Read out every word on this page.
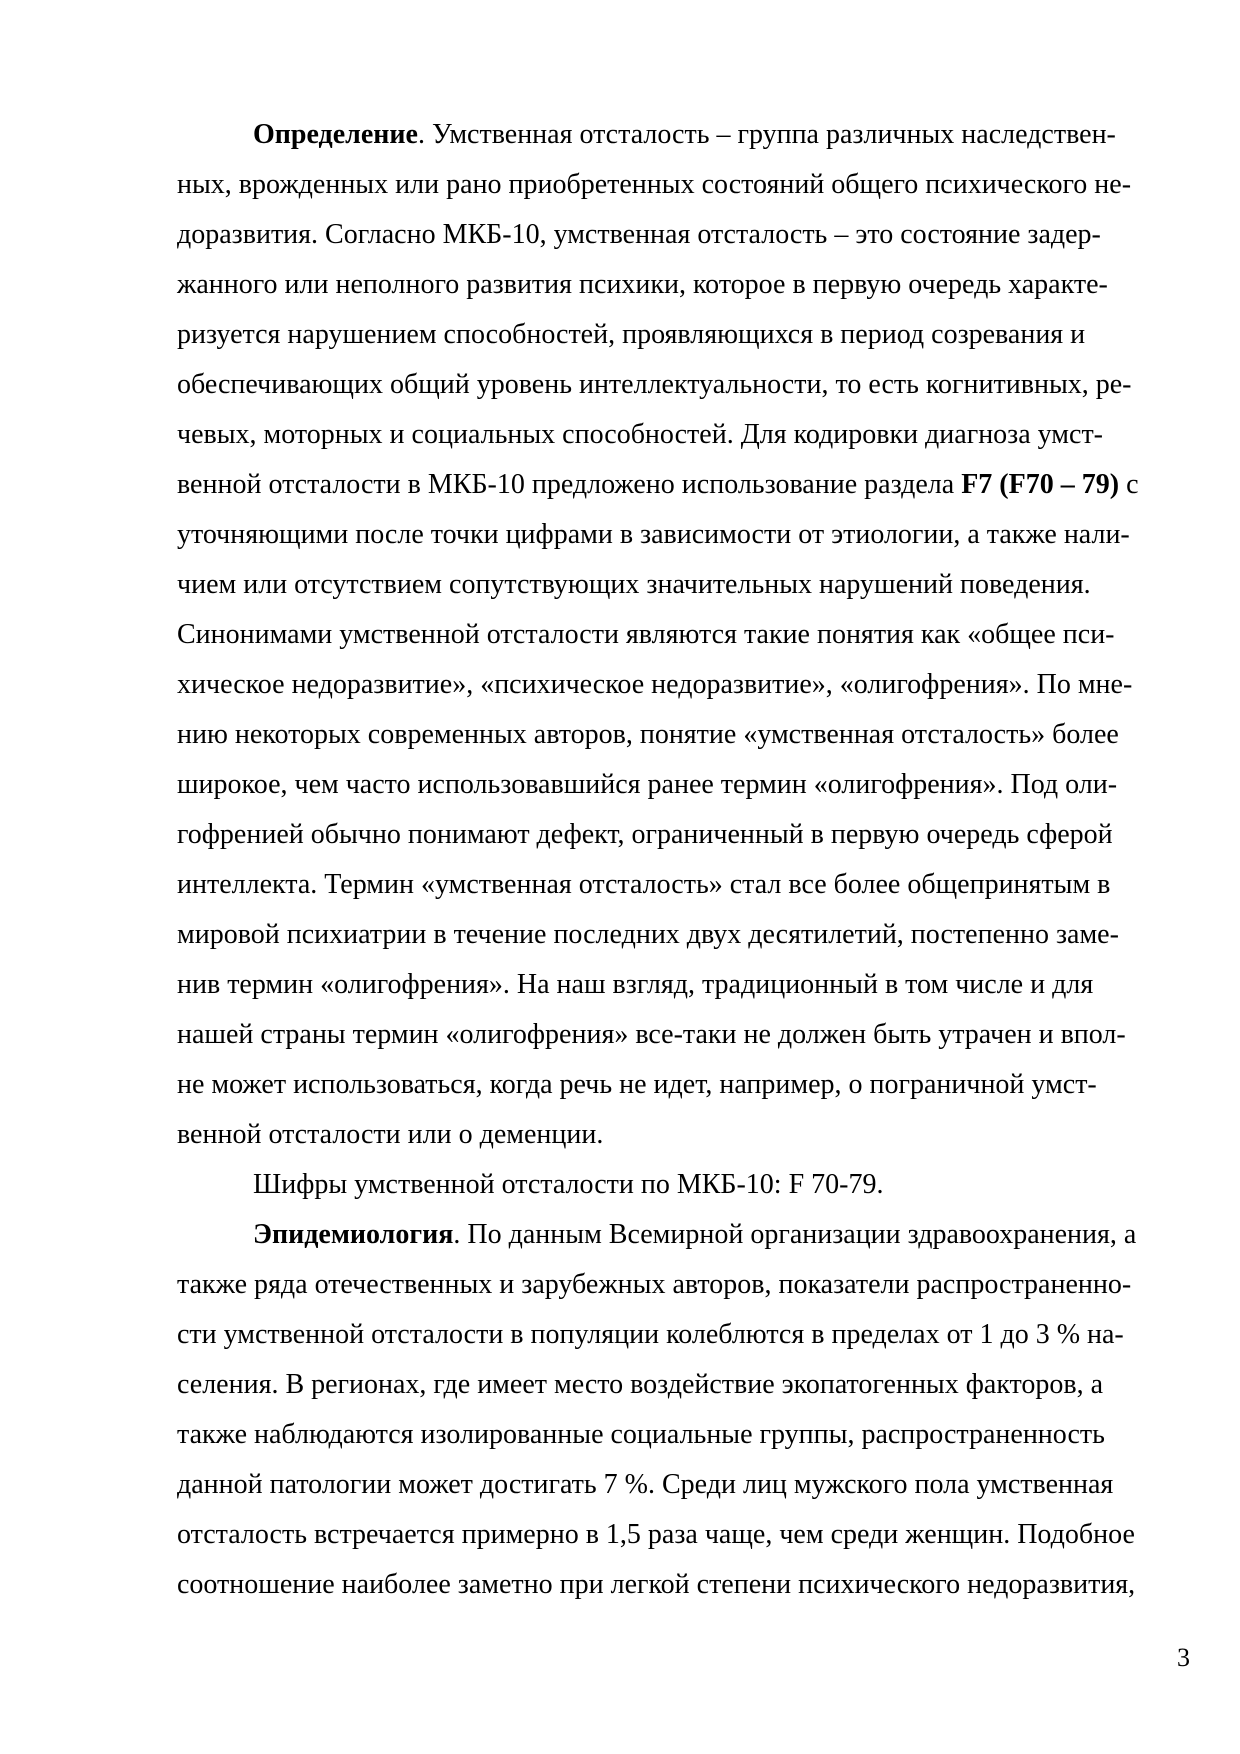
Определение. Умственная отсталость – группа различных наследствен-
ных, врожденных или рано приобретенных состояний общего психического не-
доразвития. Согласно МКБ-10, умственная отсталость – это состояние задер-
жанного или неполного развития психики, которое в первую очередь характе-
ризуется нарушением способностей, проявляющихся в период созревания и
обеспечивающих общий уровень интеллектуальности, то есть когнитивных, ре-
чевых, моторных и социальных способностей. Для кодировки диагноза умст-
венной отсталости в МКБ-10 предложено использование раздела F7 (F70 – 79) с
уточняющими после точки цифрами в зависимости от этиологии, а также нали-
чием или отсутствием сопутствующих значительных нарушений поведения.
Синонимами умственной отсталости являются такие понятия как «общее пси-
хическое недоразвитие», «психическое недоразвитие», «олигофрения». По мне-
нию некоторых современных авторов, понятие «умственная отсталость» более
широкое, чем часто использовавшийся ранее термин «олигофрения». Под оли-
гофренией обычно понимают дефект, ограниченный в первую очередь сферой
интеллекта. Термин «умственная отсталость» стал все более общепринятым в
мировой психиатрии в течение последних двух десятилетий, постепенно заме-
нив термин «олигофрения». На наш взгляд, традиционный в том числе и для
нашей страны термин «олигофрения» все-таки не должен быть утрачен и впол-
не может использоваться, когда речь не идет, например, о пограничной умст-
венной отсталости или о деменции.
Шифры умственной отсталости по МКБ-10: F 70-79.
Эпидемиология. По данным Всемирной организации здравоохранения, а
также ряда отечественных и зарубежных авторов, показатели распространенно-
сти умственной отсталости в популяции колеблются в пределах от 1 до 3 % на-
селения. В регионах, где имеет место воздействие экопатогенных факторов, а
также наблюдаются изолированные социальные группы, распространенность
данной патологии может достигать 7 %. Среди лиц мужского пола умственная
отсталость встречается примерно в 1,5 раза чаще, чем среди женщин. Подобное
соотношение наиболее заметно при легкой степени психического недоразвития,
3
